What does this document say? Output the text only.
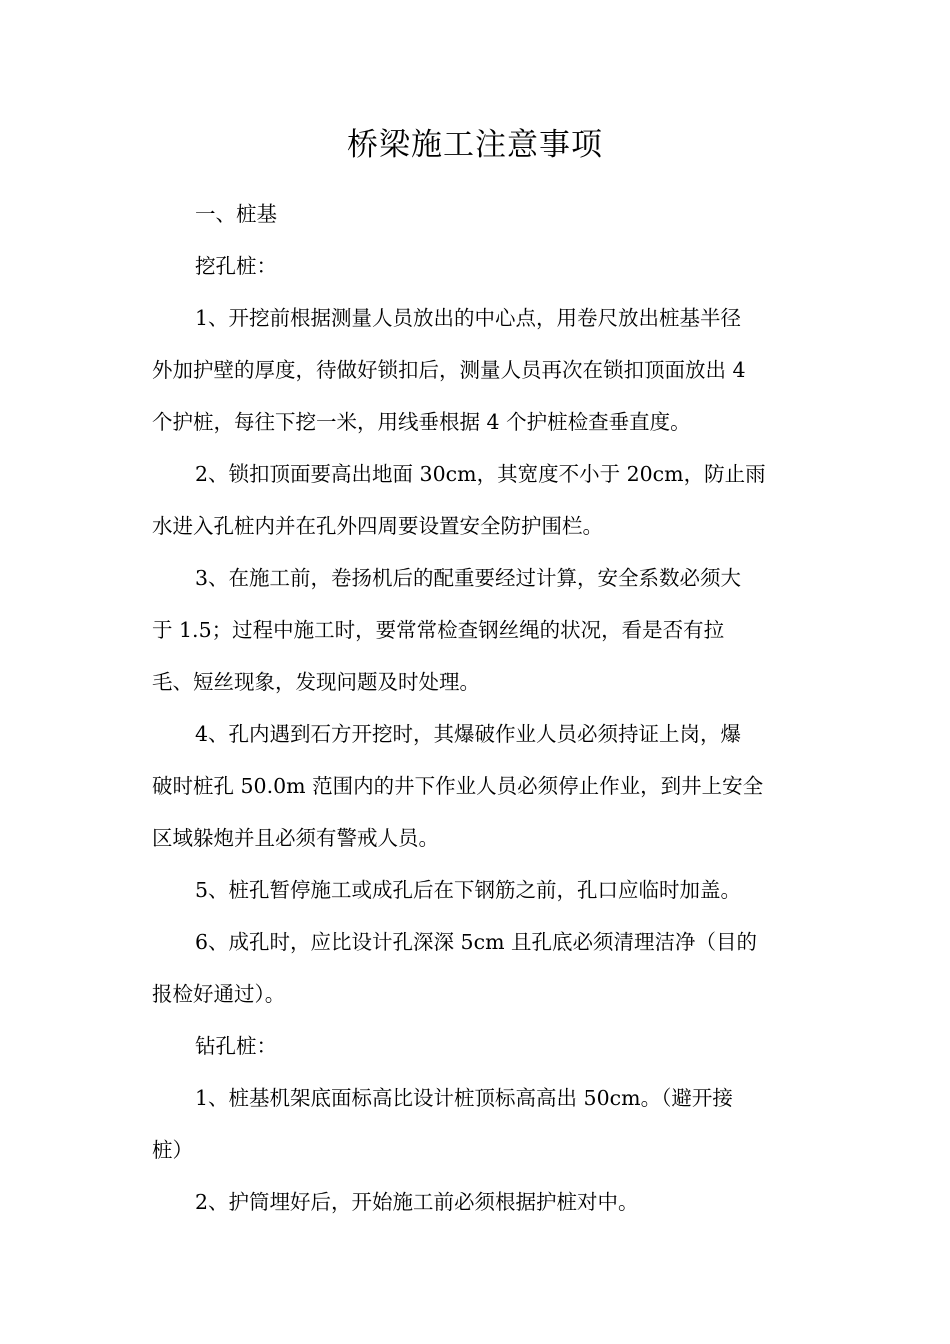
桥梁施工注意事项
一、桩基
挖孔桩：
1、开挖前根据测量人员放出的中心点，用卷尺放出桩基半径
外加护壁的厚度，待做好锁扣后，测量人员再次在锁扣顶面放出 4
个护桩，每往下挖一米，用线垂根据 4 个护桩检查垂直度。
2、锁扣顶面要高出地面 30cm，其宽度不小于 20cm，防止雨
水进入孔桩内并在孔外四周要设置安全防护围栏。
3、在施工前，卷扬机后的配重要经过计算，安全系数必须大
于 1.5；过程中施工时，要常常检查钢丝绳的状况，看是否有拉
毛、短丝现象，发现问题及时处理。
4、孔内遇到石方开挖时，其爆破作业人员必须持证上岗，爆
破时桩孔 50.0m 范围内的井下作业人员必须停止作业，到井上安全
区域躲炮并且必须有警戒人员。
5、桩孔暂停施工或成孔后在下钢筋之前，孔口应临时加盖。
6、成孔时，应比设计孔深深 5cm 且孔底必须清理洁净（目的
报检好通过）。
钻孔桩：
1、桩基机架底面标高比设计桩顶标高高出 50cm。（避开接
桩）
2、护筒埋好后，开始施工前必须根据护桩对中。
